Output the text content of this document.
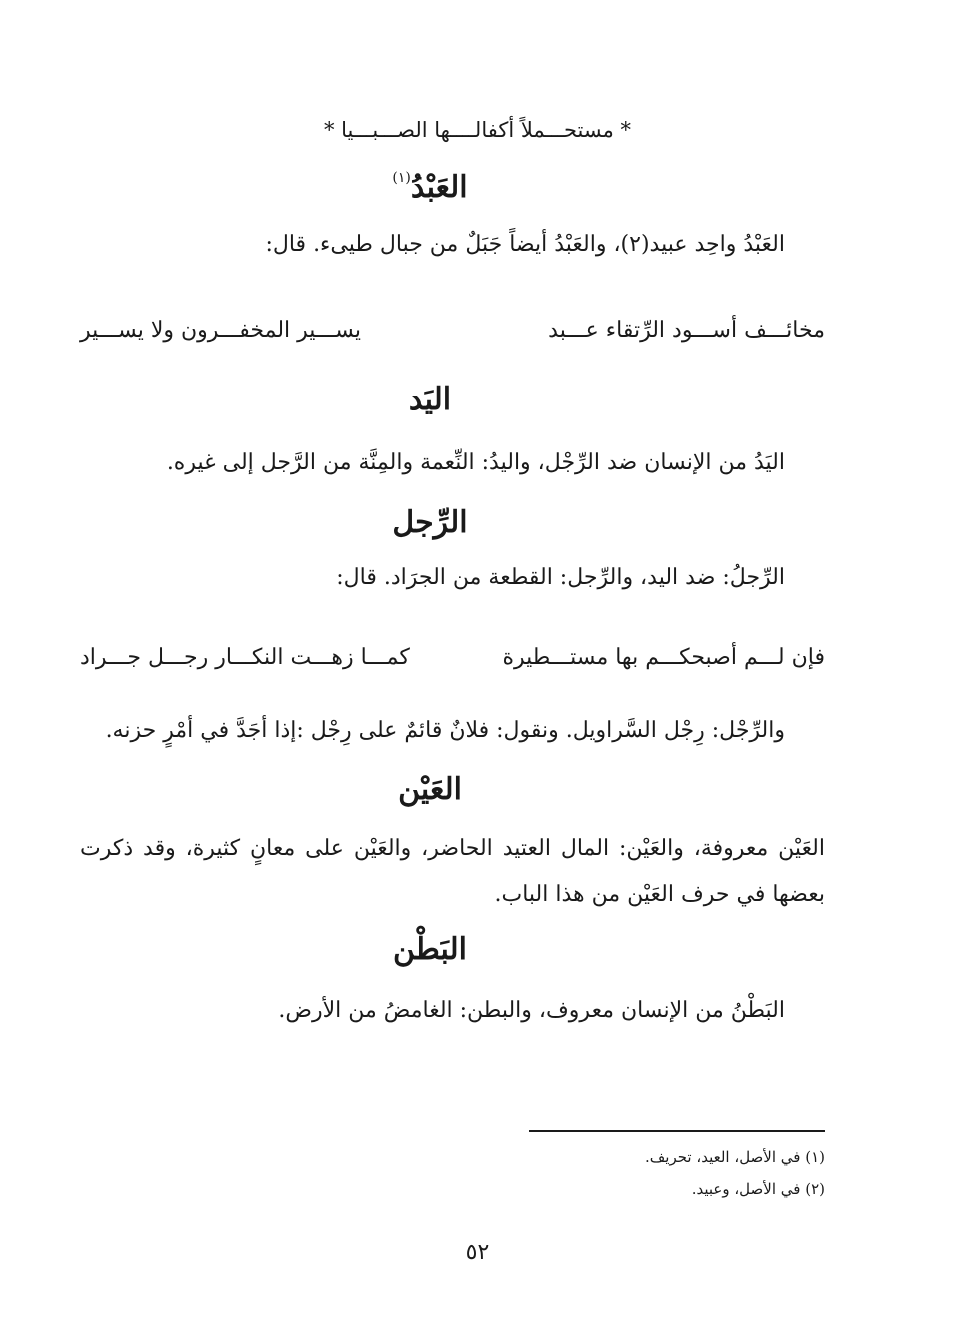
* مستحـــملاً أكفالــــها الصـــبـــيا *
العَبْدُ$^{(١)}$
العَبْدُ واحِد عبيد(٢)، والعَبْدُ أيضاً جَبَلٌ من جبال طيىء. قال:
مخائـــف أســـود الرِّتقاء عـــبد
يســـير المخفـــرون ولا يســـير
اليَد
اليَدُ من الإنسان ضد الرِّجْل، واليدُ: النِّعمة والمِنَّة من الرَّجل إلى غيره.
الرِّجل
الرِّجلُ: ضد اليد، والرِّجل: القطعة من الجرَاد. قال:
فإن لـــم أصبحكـــم بها مستـــطيرة
كمـــا زهـــت النكـــار رجـــل جـــراد
والرِّجْل: رِجْل السَّراويل. ونقول: فلانٌ قائمٌ على رِجْل :إذا أجَدَّ في أمْرٍ حزنه.
العَيْن
العَيْن معروفة، والعَيْن: المال العتيد الحاضر، والعَيْن على معانٍ كثيرة، وقد ذكرت بعضها في حرف العَيْن من هذا الباب.
البَطْن
البَطْنُ من الإنسان معروف، والبطن: الغامضُ من الأرض.
(١) في الأصل، العيد، تحريف.
(٢) في الأصل، وعبيد.
٥٢
